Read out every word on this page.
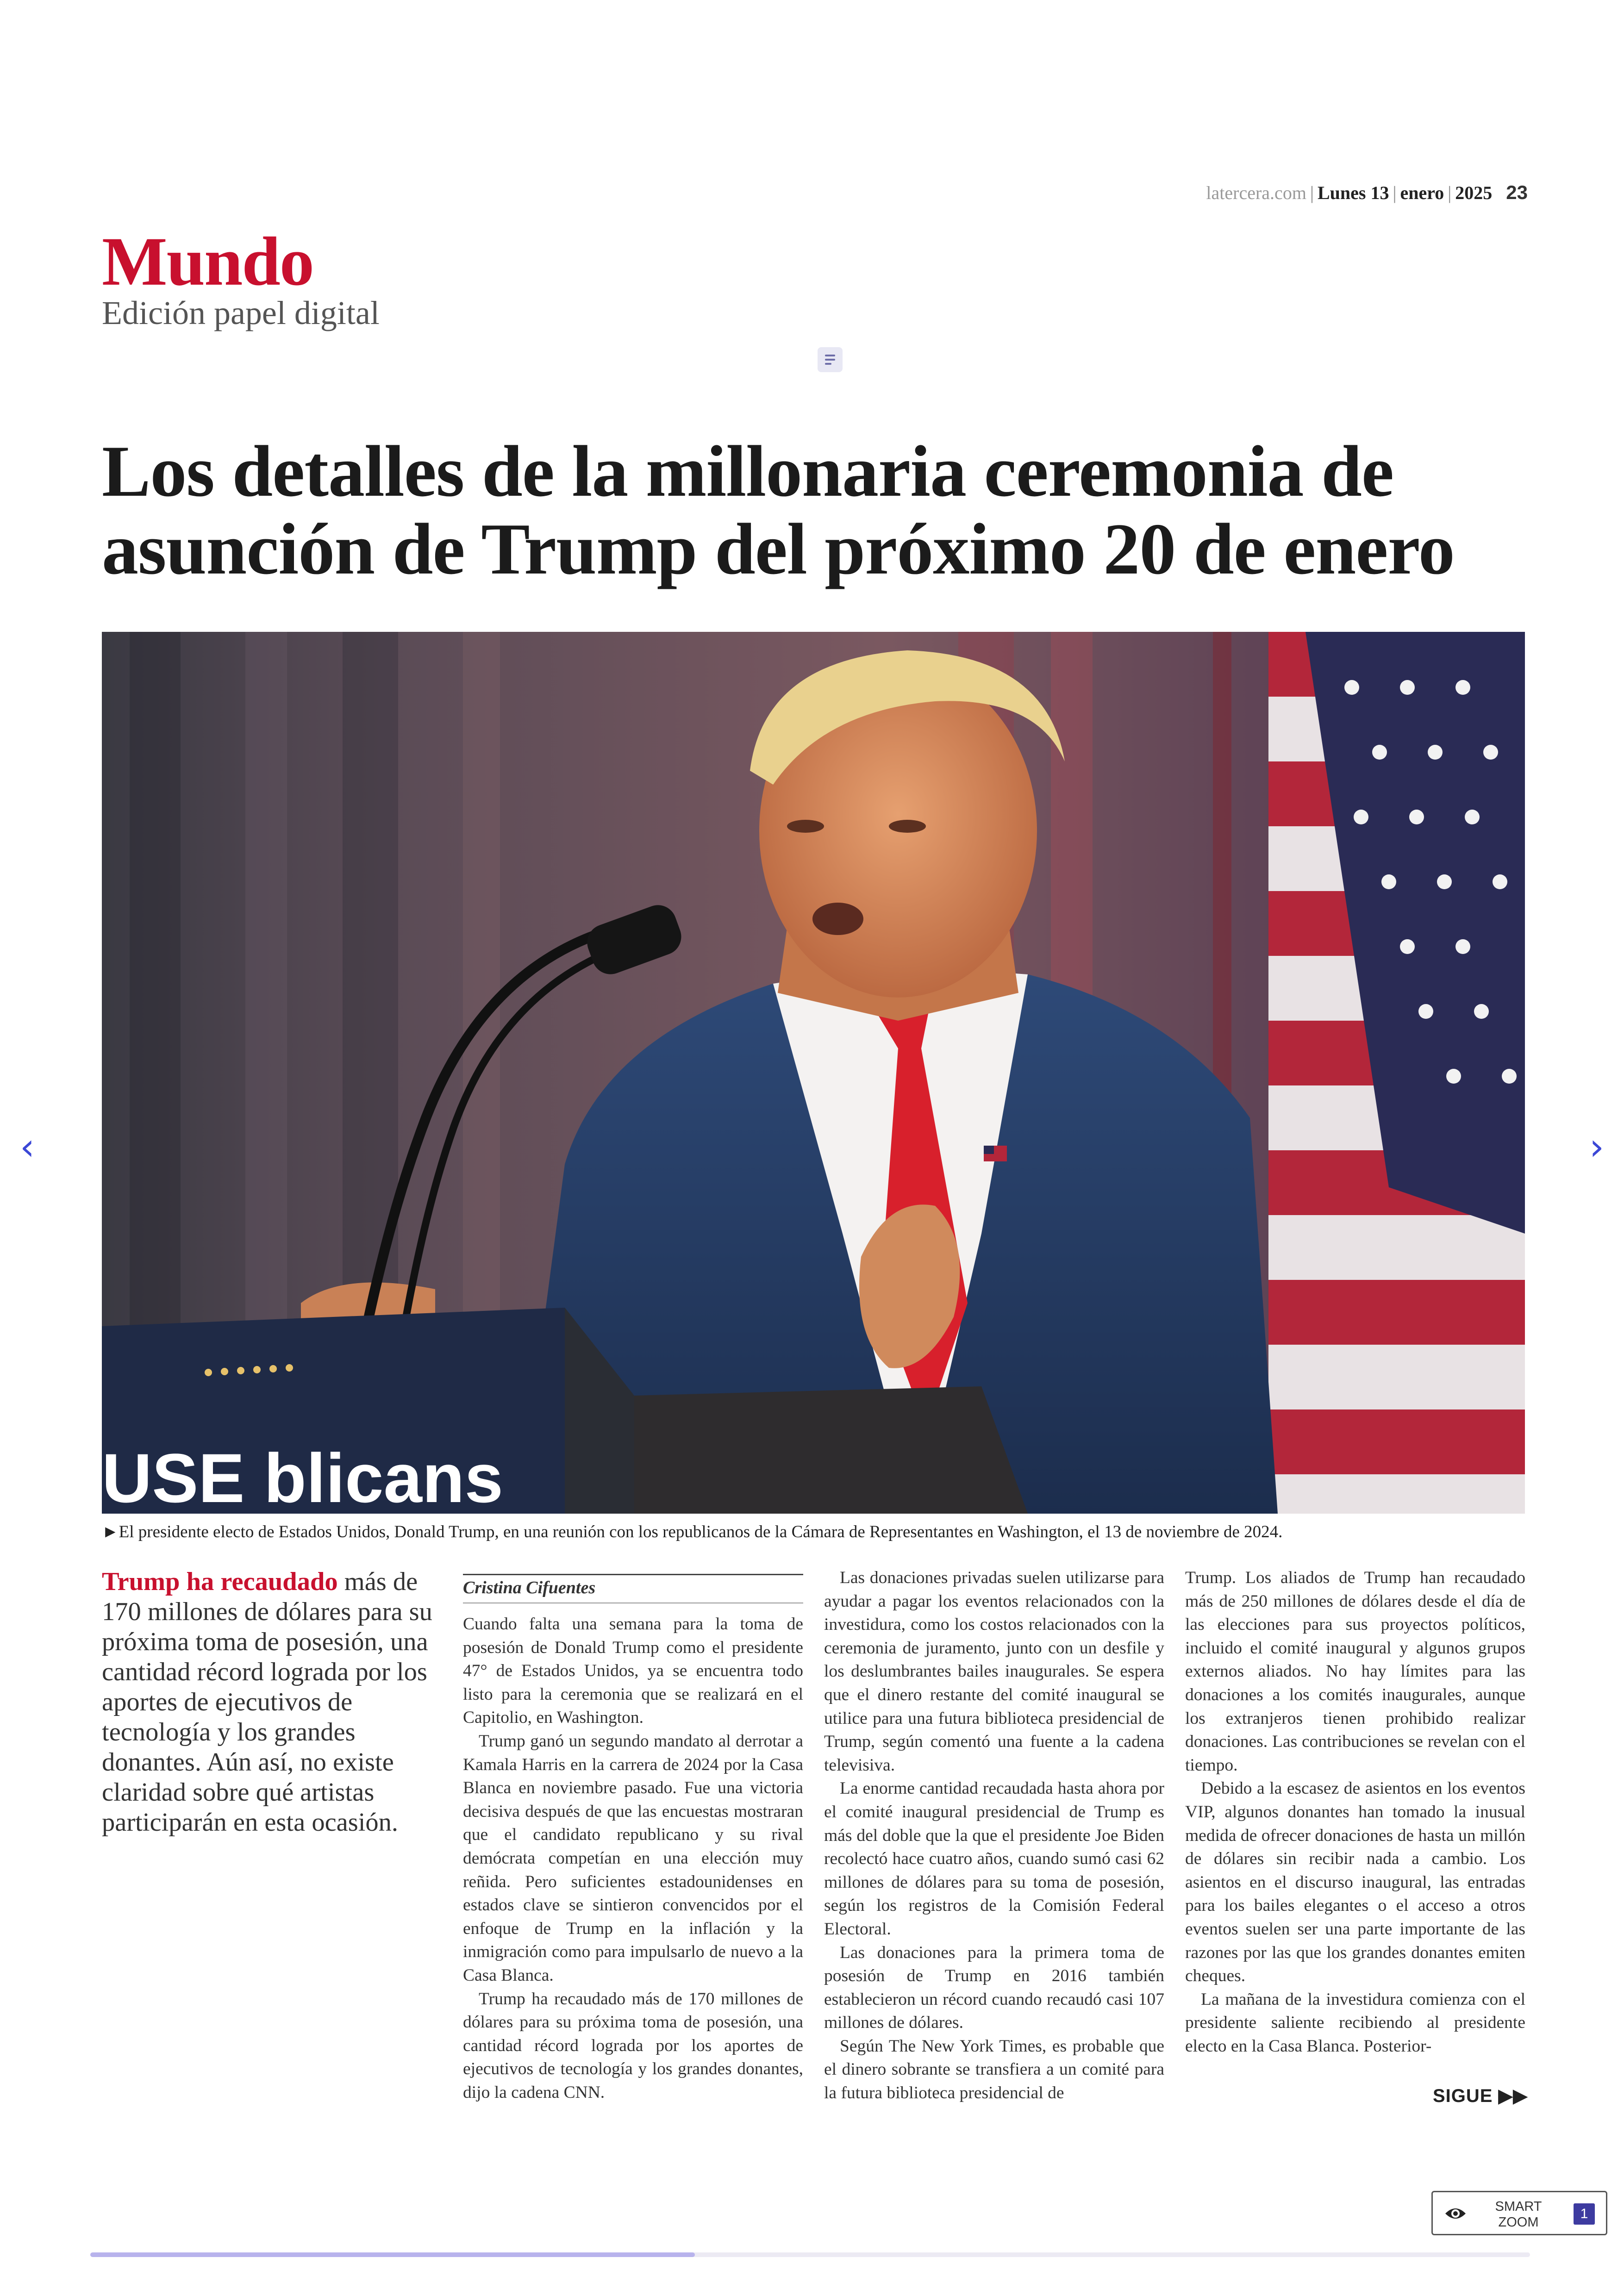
latercera.com | Lunes 13 | enero | 2025 23
Mundo
Edición papel digital
Los detalles de la millonaria ceremonia de asunción de Trump del próximo 20 de enero
USE blicans
►El presidente electo de Estados Unidos, Donald Trump, en una reunión con los republicanos de la Cámara de Representantes en Washington, el 13 de noviembre de 2024.
Trump ha recaudado más de 170 millones de dólares para su próxima toma de posesión, una cantidad récord lograda por los aportes de ejecutivos de tecnología y los grandes donantes. Aún así, no existe claridad sobre qué artistas participarán en esta ocasión.
Cristina Cifuentes

Cuando falta una semana para la toma de posesión de Donald Trump como el presidente 47° de Estados Unidos, ya se encuentra todo listo para la ceremonia que se realizará en el Capitolio, en Washington.

Trump ganó un segundo mandato al derrotar a Kamala Harris en la carrera de 2024 por la Casa Blanca en noviembre pasado. Fue una victoria decisiva después de que las encuestas mostraran que el candidato republicano y su rival demócrata competían en una elección muy reñida. Pero suficientes estadounidenses en estados clave se sintieron convencidos por el enfoque de Trump en la inflación y la inmigración como para impulsarlo de nuevo a la Casa Blanca.

Trump ha recaudado más de 170 millones de dólares para su próxima toma de posesión, una cantidad récord lograda por los aportes de ejecutivos de tecnología y los grandes donantes, dijo la cadena CNN.

Las donaciones privadas suelen utilizarse para ayudar a pagar los eventos relacionados con la investidura, como los costos relacionados con la ceremonia de juramento, junto con un desfile y los deslumbrantes bailes inaugurales. Se espera que el dinero restante del comité inaugural se utilice para una futura biblioteca presidencial de Trump, según comentó una fuente a la cadena televisiva.

La enorme cantidad recaudada hasta ahora por el comité inaugural presidencial de Trump es más del doble que la que el presidente Joe Biden recolectó hace cuatro años, cuando sumó casi 62 millones de dólares para su toma de posesión, según los registros de la Comisión Federal Electoral.

Las donaciones para la primera toma de posesión de Trump en 2016 también establecieron un récord cuando recaudó casi 107 millones de dólares.

Según The New York Times, es probable que el dinero sobrante se transfiera a un comité para la futura biblioteca presidencial de

Trump. Los aliados de Trump han recaudado más de 250 millones de dólares desde el día de las elecciones para sus proyectos políticos, incluido el comité inaugural y algunos grupos externos aliados. No hay límites para las donaciones a los comités inaugurales, aunque los extranjeros tienen prohibido realizar donaciones. Las contribuciones se revelan con el tiempo.

Debido a la escasez de asientos en los eventos VIP, algunos donantes han tomado la inusual medida de ofrecer donaciones de hasta un millón de dólares sin recibir nada a cambio. Los asientos en el discurso inaugural, las entradas para los bailes elegantes o el acceso a otros eventos suelen ser una parte importante de las razones por las que los grandes donantes emiten cheques.

La mañana de la investidura comienza con el presidente saliente recibiendo al presidente electo en la Casa Blanca. Posterior-

SIGUE ▶▶
‹	›
SMART
ZOOM
1
